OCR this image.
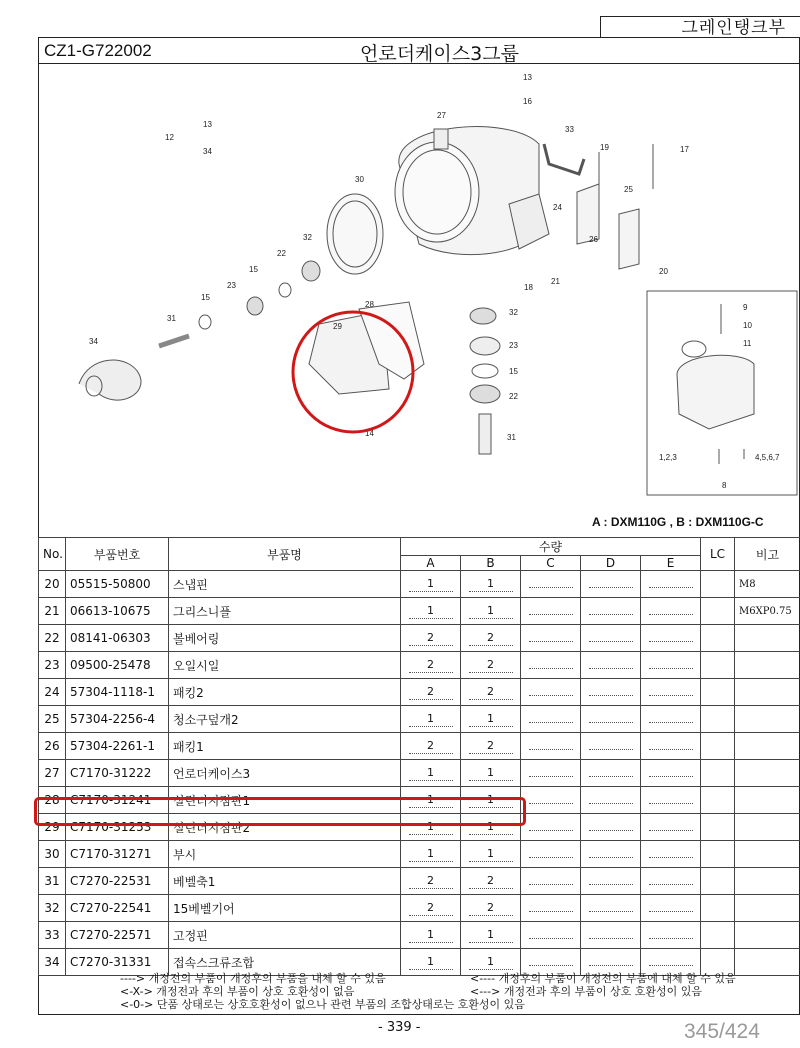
그레인탱크부
CZ1-G722002	언로더케이스3그룹
13
16
27
33
19	17
12
13
34
30
25
24
26
20
32
22
15
23	18
21
28
29
31
15
34
32
23
15
22
31
9
10
11
1,2,3	4,5,6,7
8
14
A : DXM110G , B : DXM110G-C
No.	부품번호	부품명	수량					LC	비고
			A	B	C	D	E		
20	05515-50800	스냅핀	1	1					M8
21	06613-10675	그리스니플	1	1					M6XP0.75
22	08141-06303	볼베어링	2	2					
23	09500-25478	오일시일	2	2					
24	57304-1118-1	패킹2	2	2					
25	57304-2256-4	청소구덮개2	1	1					
26	57304-2261-1	패킹1	2	2					
27	C7170-31222	언로더케이스3	1	1					
28	C7170-31241	실린더지점판1	1	1					
29	C7170-31253	실린더지점판2	1	1					
30	C7170-31271	부시	1	1					
31	C7270-22531	베벨축1	2	2					
32	C7270-22541	15베벨기어	2	2					
33	C7270-22571	고정핀	1	1					
34	C7270-31331	접속스크류조합	1	1					
----> 개정전의 부품이 개정후의 부품을 내체 할 수 있음
<-X-> 개정전과 후의 부품이 상호 호환성이 없음
<-0-> 단품 상태로는 상호호환성이 없으나 관련 부품의 조합상태로는 호환성이 있음
<---- 개정후의 부품이 개정전의 부품에 대체 할 수 있음
<---> 개정전과 후의 부품이 상호 호환성이 있음
- 339 -	345/424
